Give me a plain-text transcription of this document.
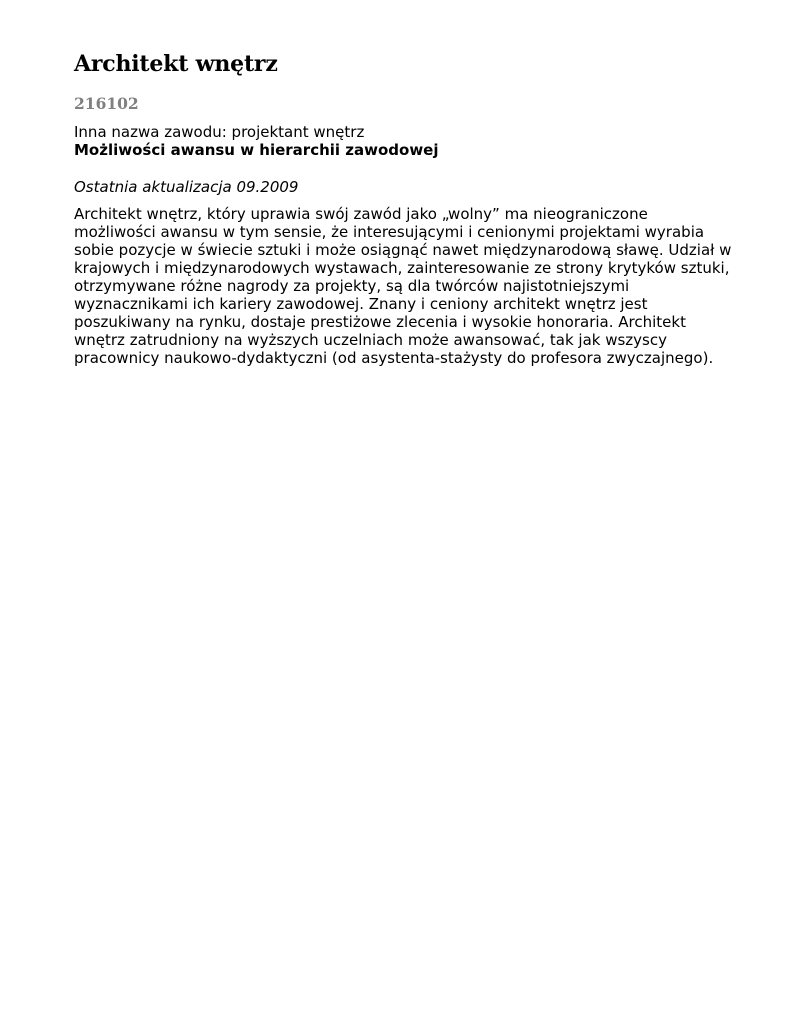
Architekt wnętrz
216102
Inna nazwa zawodu: projektant wnętrz
Możliwości awansu w hierarchii zawodowej
Ostatnia aktualizacja 09.2009
Architekt wnętrz, który uprawia swój zawód jako „wolny” ma nieograniczone
możliwości awansu w tym sensie, że interesującymi i cenionymi projektami wyrabia
sobie pozycje w świecie sztuki i może osiągnąć nawet międzynarodową sławę. Udział w
krajowych i międzynarodowych wystawach, zainteresowanie ze strony krytyków sztuki,
otrzymywane różne nagrody za projekty, są dla twórców najistotniejszymi
wyznacznikami ich kariery zawodowej. Znany i ceniony architekt wnętrz jest
poszukiwany na rynku, dostaje prestiżowe zlecenia i wysokie honoraria. Architekt
wnętrz zatrudniony na wyższych uczelniach może awansować, tak jak wszyscy
pracownicy naukowo-dydaktyczni (od asystenta-stażysty do profesora zwyczajnego).
